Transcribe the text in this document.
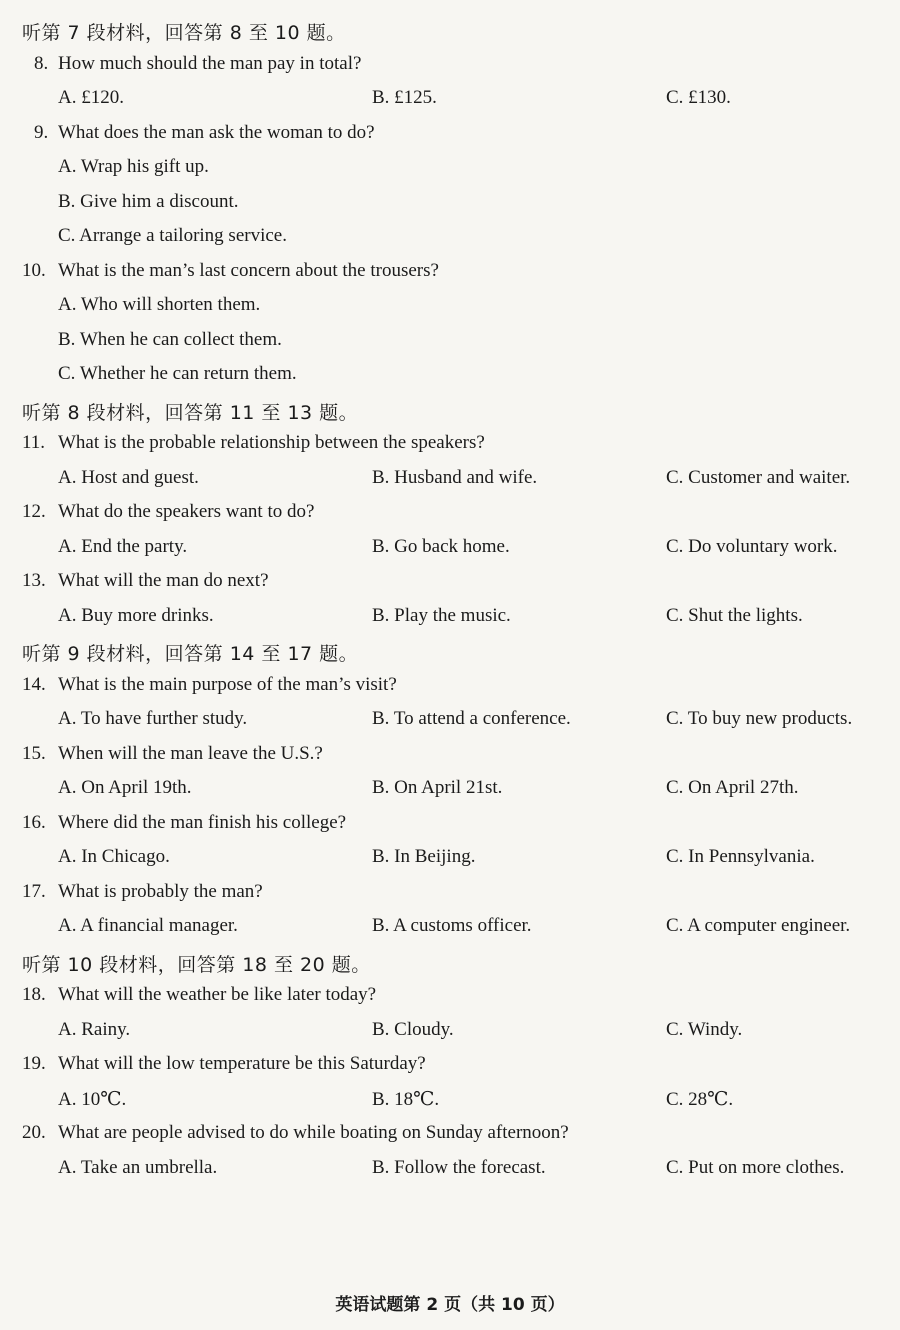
听第 7 段材料，回答第 8 至 10 题。
8. How much should the man pay in total?
A. £120.	B. £125.	C. £130.
9. What does the man ask the woman to do?
A. Wrap his gift up.
B. Give him a discount.
C. Arrange a tailoring service.
10. What is the man’s last concern about the trousers?
A. Who will shorten them.
B. When he can collect them.
C. Whether he can return them.
听第 8 段材料，回答第 11 至 13 题。
11. What is the probable relationship between the speakers?
A. Host and guest.	B. Husband and wife.	C. Customer and waiter.
12. What do the speakers want to do?
A. End the party.	B. Go back home.	C. Do voluntary work.
13. What will the man do next?
A. Buy more drinks.	B. Play the music.	C. Shut the lights.
听第 9 段材料，回答第 14 至 17 题。
14. What is the main purpose of the man’s visit?
A. To have further study.	B. To attend a conference.	C. To buy new products.
15. When will the man leave the U.S.?
A. On April 19th.	B. On April 21st.	C. On April 27th.
16. Where did the man finish his college?
A. In Chicago.	B. In Beijing.	C. In Pennsylvania.
17. What is probably the man?
A. A financial manager.	B. A customs officer.	C. A computer engineer.
听第 10 段材料，回答第 18 至 20 题。
18. What will the weather be like later today?
A. Rainy.	B. Cloudy.	C. Windy.
19. What will the low temperature be this Saturday?
A. 10℃.	B. 18℃.	C. 28℃.
20. What are people advised to do while boating on Sunday afternoon?
A. Take an umbrella.	B. Follow the forecast.	C. Put on more clothes.
英语试题第 2 页（共 10 页）
